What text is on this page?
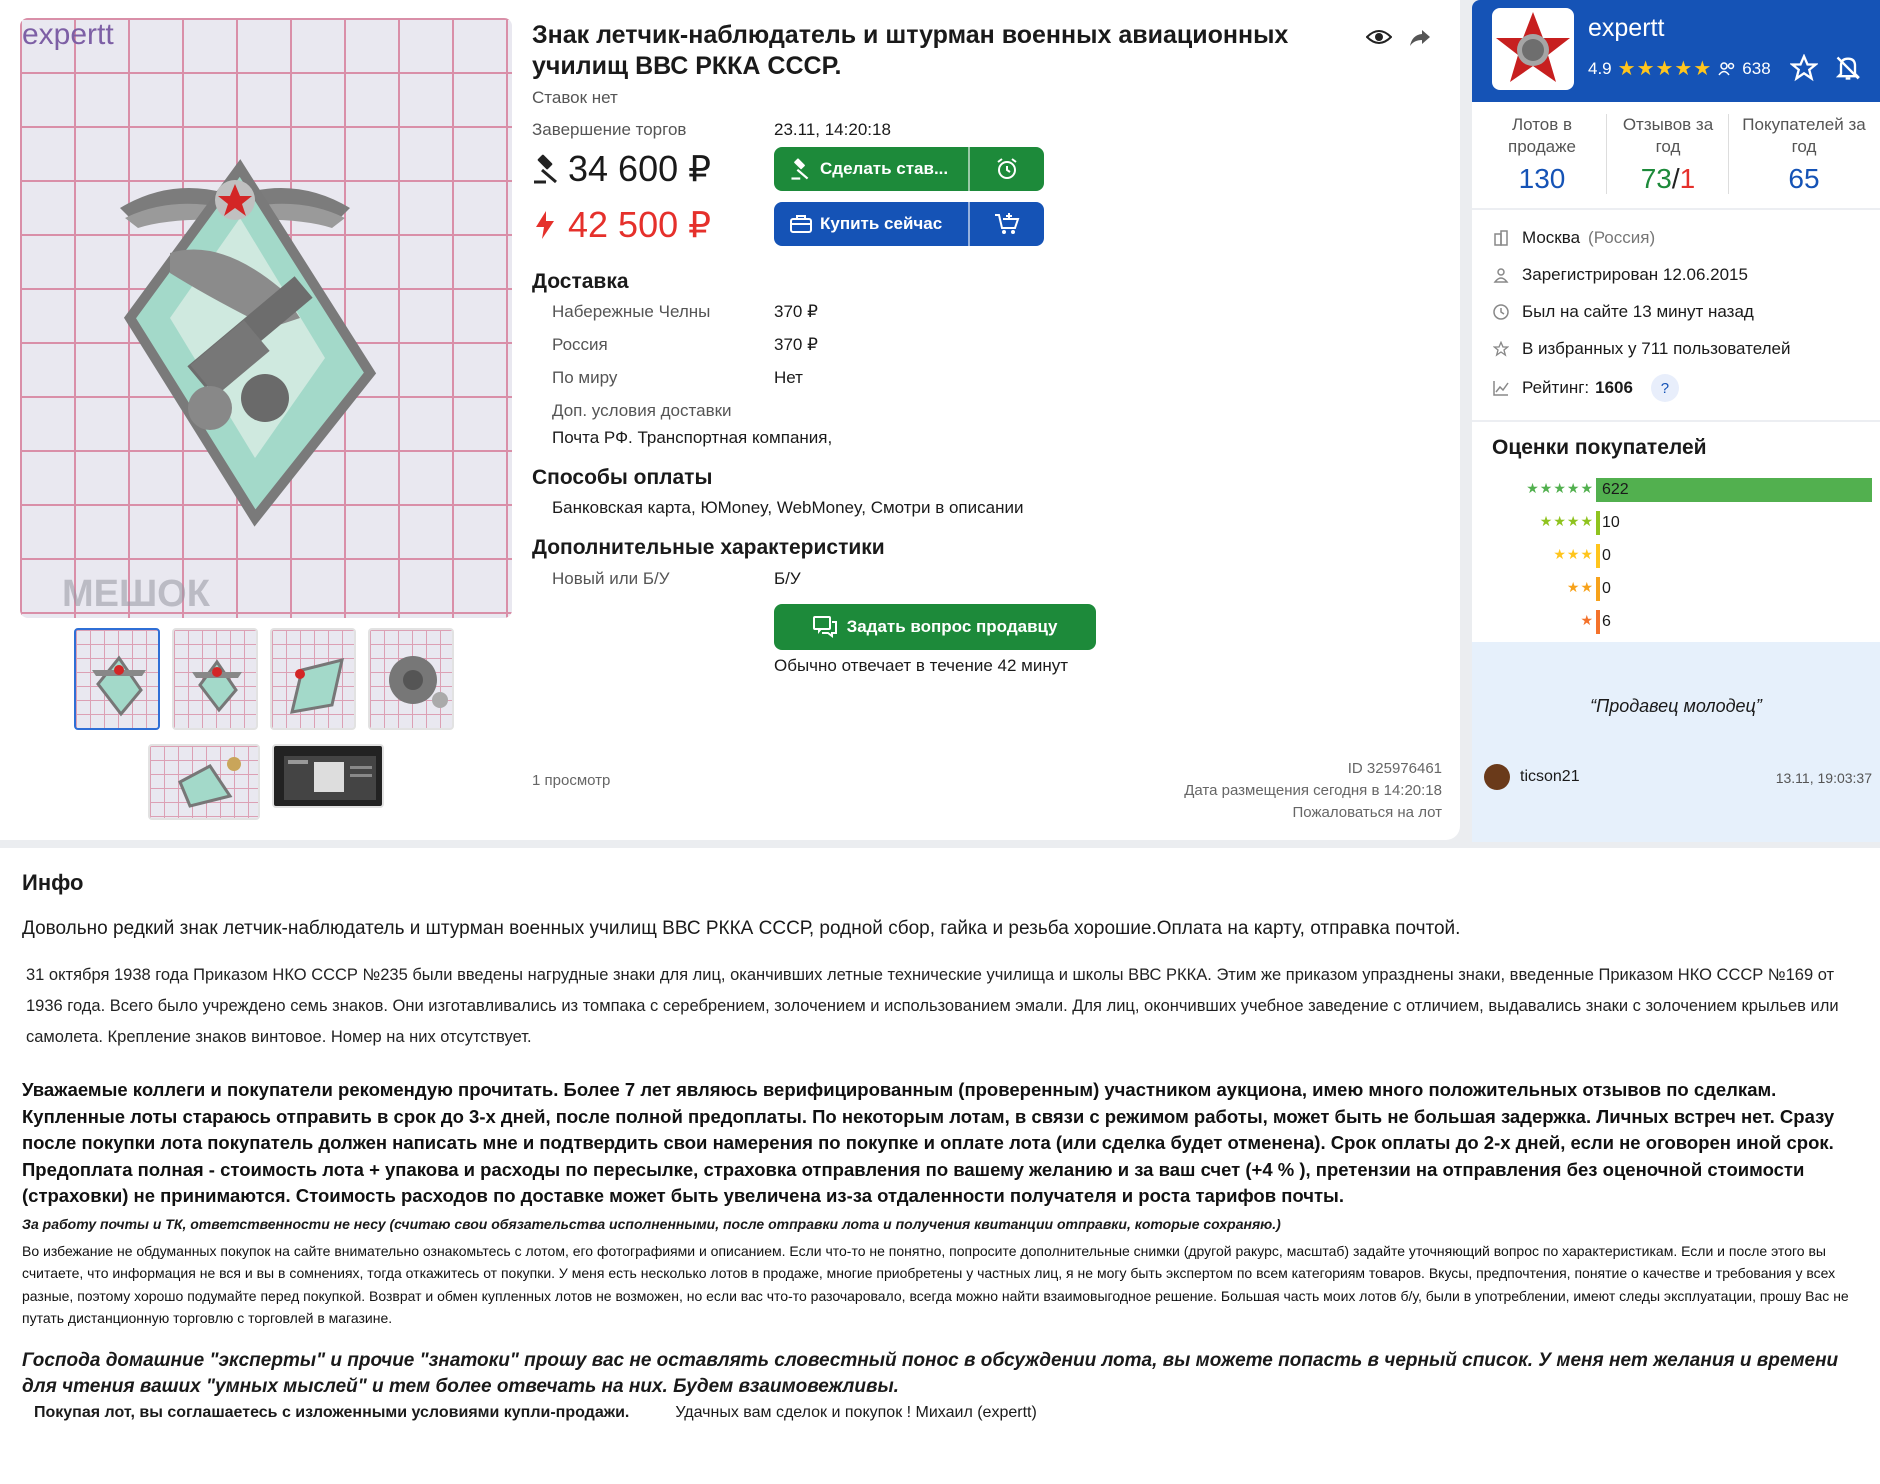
expertt
МЕШОК
Знак летчик-наблюдатель и штурман военных авиационных училищ ВВС РККА СССР.
Ставок нет
Завершение торгов	23.11, 14:20:18
34 600 ₽
42 500 ₽
Сделать став...
Купить сейчас
Доставка
Набережные Челны	370 ₽
Россия	370 ₽
По миру	Нет
Доп. условия доставки
Почта РФ. Транспортная компания,
Способы оплаты
Банковская карта, ЮMoney, WebMoney, Смотри в описании
Дополнительные характеристики
Новый или Б/У	Б/У
Задать вопрос продавцу
Обычно отвечает в течение 42 минут
1 просмотр
ID 325976461
Дата размещения сегодня в 14:20:18
Пожаловаться на лот
expertt
4.9 ★★★★★ 638
Лотов в продаже
130
Отзывов за год
73/1
Покупателей за год
65
Москва (Россия)
Зарегистрирован 12.06.2015
Был на сайте 13 минут назад
В избранных у 711 пользователей
Рейтинг: 1606	?
Оценки покупателей
★★★★★ 622
★★★★ 10
★★★ 0
★★ 0
★ 6
“Продавец молодец”
ticson21	13.11, 19:03:37
Инфо
Довольно редкий знак летчик-наблюдатель и штурман военных училищ ВВС РККА СССР, родной сбор, гайка и резьба хорошие.Оплата на карту, отправка почтой.
31 октября 1938 года Приказом НКО СССР №235 были введены нагрудные знаки для лиц, оканчивших летные технические училища и школы ВВС РККА. Этим же приказом упразднены знаки, введенные Приказом НКО СССР №169 от 1936 года. Всего было учреждено семь знаков. Они изготавливались из томпака с серебрением, золочением и использованием эмали. Для лиц, окончивших учебное заведение с отличием, выдавались знаки с золочением крыльев или самолета. Крепление знаков винтовое. Номер на них отсутствует.
Уважаемые коллеги и покупатели рекомендую прочитать. Более 7 лет являюсь верифицированным (проверенным) участником аукциона, имею много положительных отзывов по сделкам. Купленные лоты стараюсь отправить в срок до 3-х дней, после полной предоплаты. По некоторым лотам, в связи с режимом работы, может быть не большая задержка. Личных встреч нет. Сразу после покупки лота покупатель должен написать мне и подтвердить свои намерения по покупке и оплате лота (или сделка будет отменена). Срок оплаты до 2-х дней, если не оговорен иной срок. Предоплата полная - стоимость лота + упакова и расходы по пересылке, страховка отправления по вашему желанию и за ваш счет (+4 % ), претензии на отправления без оценочной стоимости (страховки) не принимаются. Стоимость расходов по доставке может быть увеличена из-за отдаленности получателя и роста тарифов почты.
За работу почты и ТК, ответственности не несу (считаю свои обязательства исполненными, после отправки лота и получения квитанции отправки, которые сохраняю.)
Во избежание не обдуманных покупок на сайте внимательно ознакомьтесь с лотом, его фотографиями и описанием. Если что-то не понятно, попросите дополнительные снимки (другой ракурс, масштаб) задайте уточняющий вопрос по характеристикам. Если и после этого вы считаете, что информация не вся и вы в сомнениях, тогда откажитесь от покупки. У меня есть несколько лотов в продаже, многие приобретены у частных лиц, я не могу быть экспертом по всем категориям товаров. Вкусы, предпочтения, понятие о качестве и требования у всех разные, поэтому хорошо подумайте перед покупкой. Возврат и обмен купленных лотов не возможен, но если вас что-то разочаровало, всегда можно найти взаимовыгодное решение. Большая часть моих лотов б/у, были в употреблении, имеют следы эксплуатации, прошу Вас не путать дистанционную торговлю с торговлей в магазине.
Господа домашние "эксперты" и прочие "знатоки" прошу вас не оставлять словестный понос в обсуждении лота, вы можете попасть в черный список. У меня нет желания и времени для чтения ваших "умных мыслей" и тем более отвечать на них. Будем взаимовежливы.
Покупая лот, вы соглашаетесь с изложенными условиями купли-продажи.	Удачных вам сделок и покупок ! Михаил (expertt)
